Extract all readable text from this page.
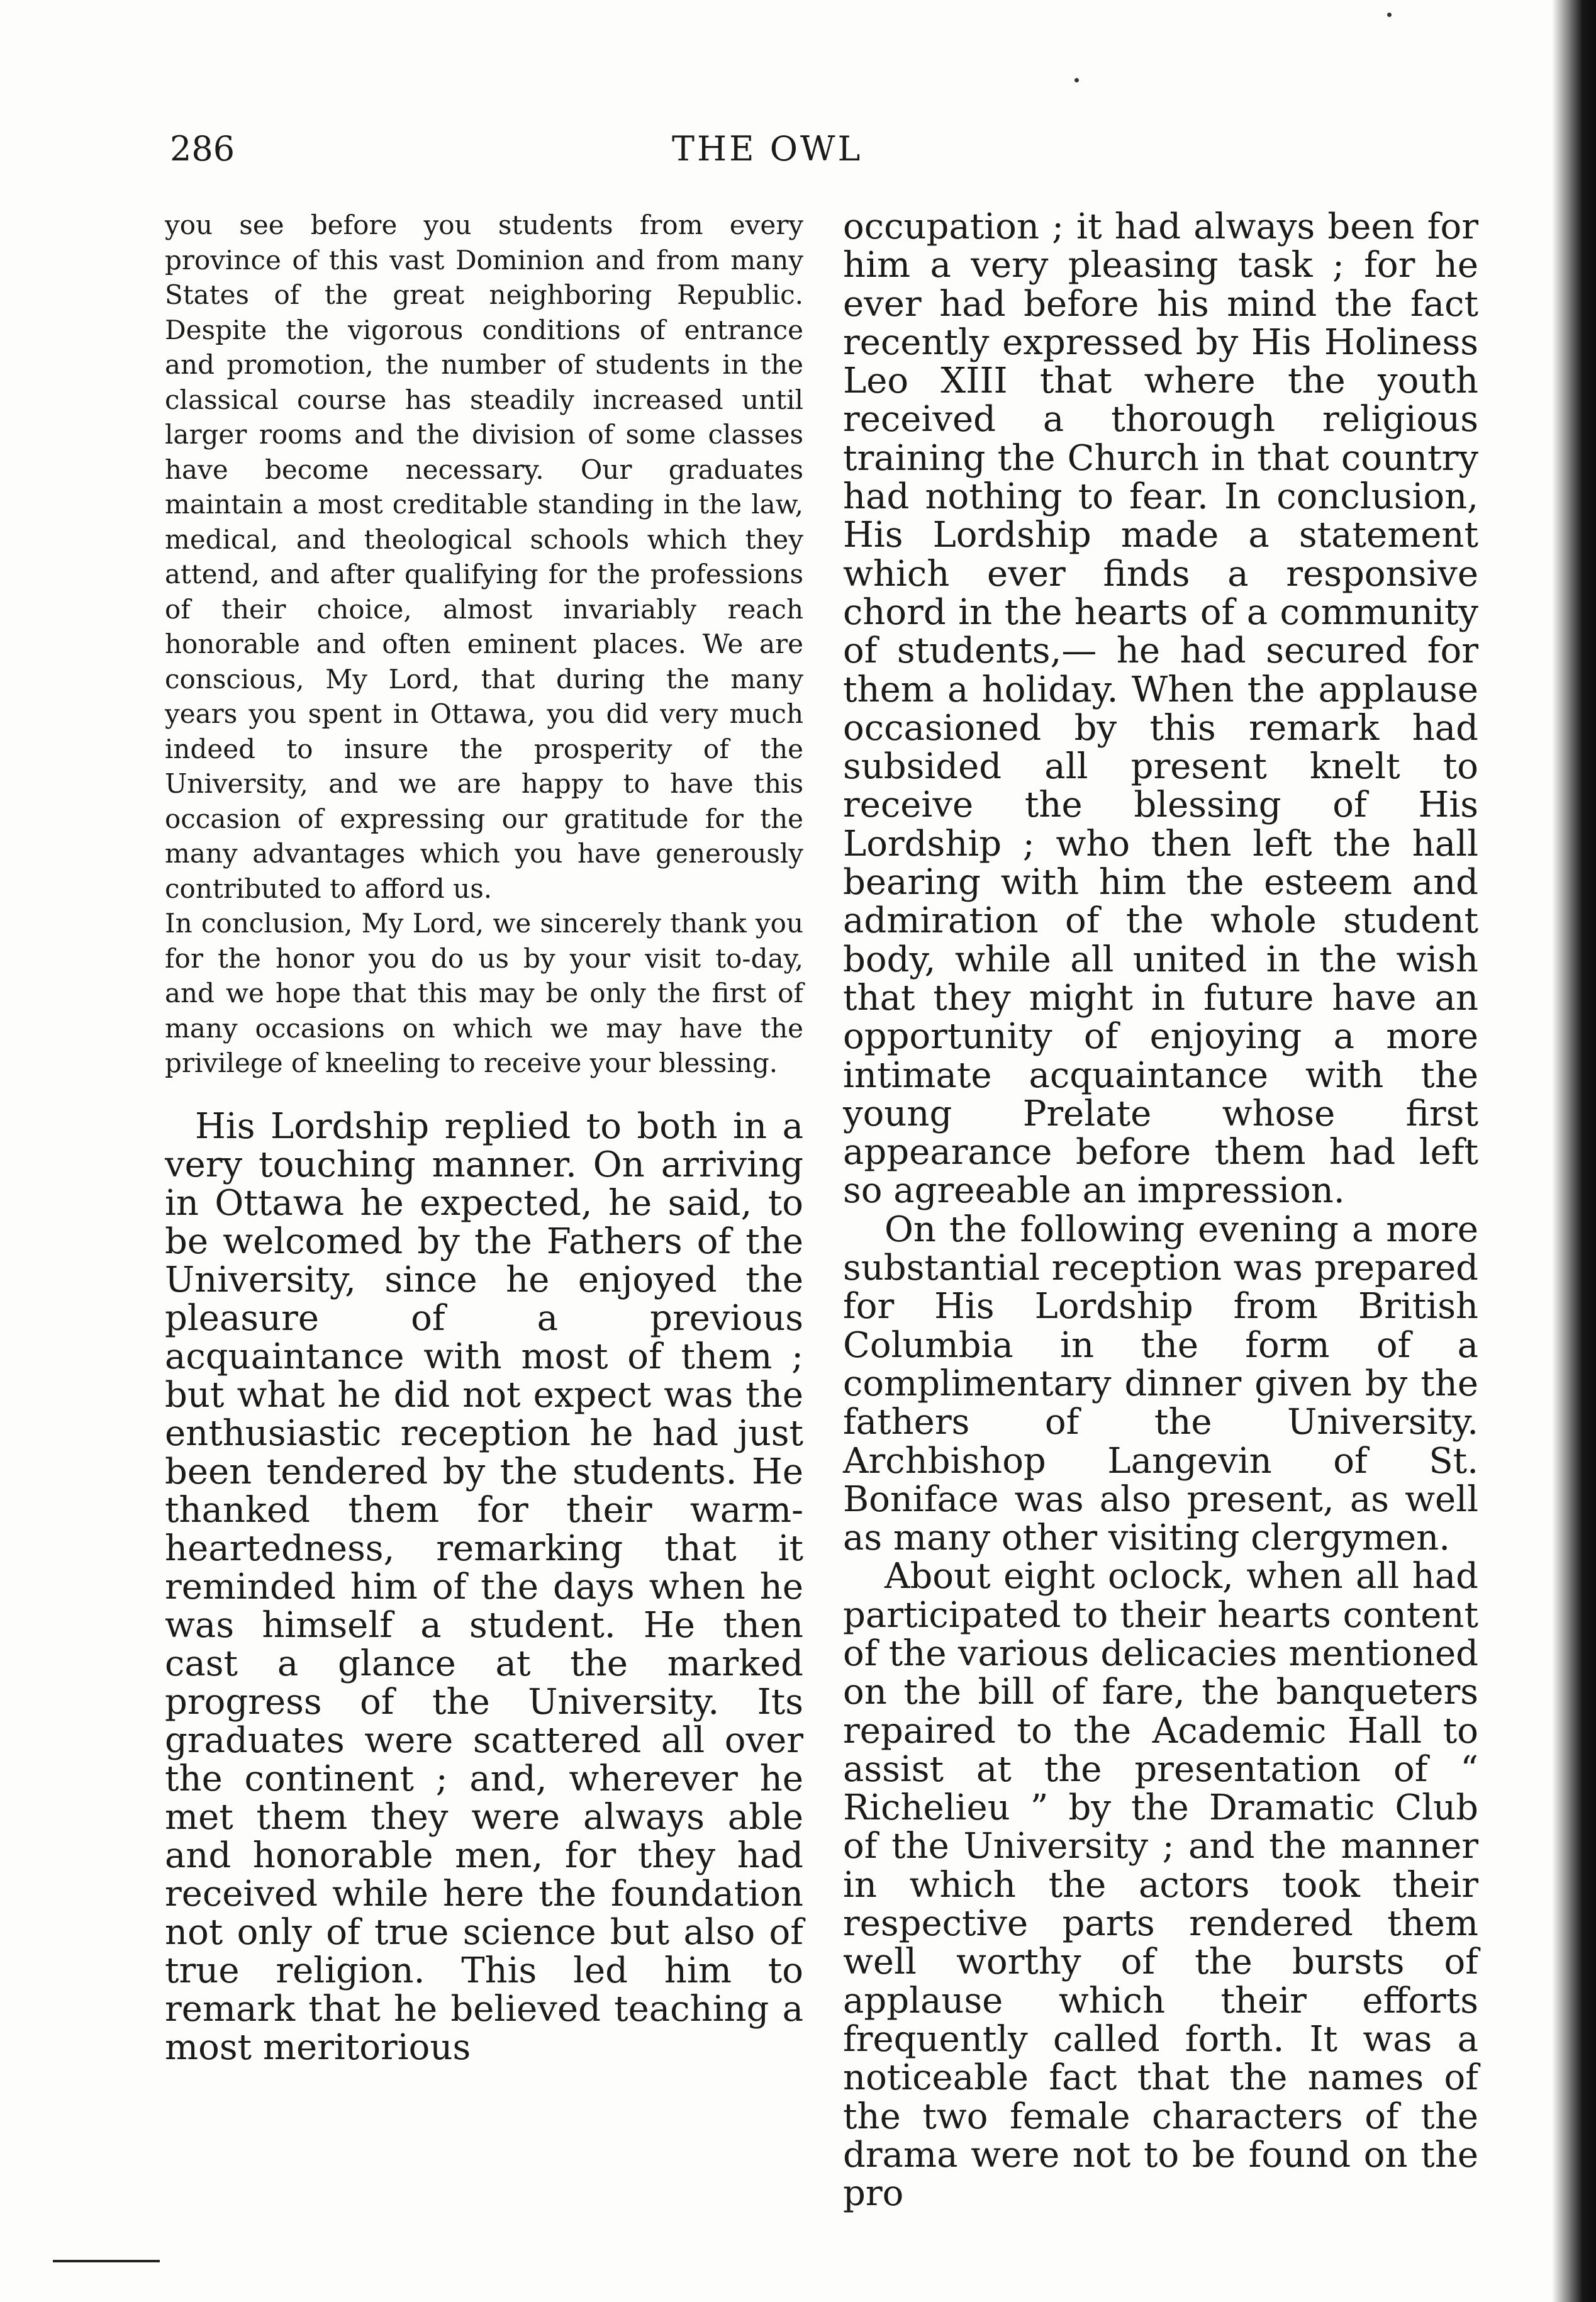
286	THE OWL

you see before you students from every province of this vast Dominion and from many States of the great neighboring Republic. Despite the vigorous conditions of entrance and promotion, the number of students in the classical course has steadily increased until larger rooms and the division of some classes have become necessary. Our graduates maintain a most creditable standing in the law, medical, and theological schools which they attend, and after qualifying for the professions of their choice, almost invariably reach honorable and often eminent places. We are conscious, My Lord, that during the many years you spent in Ottawa, you did very much indeed to insure the prosperity of the University, and we are happy to have this occasion of expressing our gratitude for the many advantages which you have generously contributed to afford us.

In conclusion, My Lord, we sincerely thank you for the honor you do us by your visit to-day, and we hope that this may be only the first of many occasions on which we may have the privilege of kneeling to receive your blessing.

His Lordship replied to both in a very touching manner. On arriving in Ottawa he expected, he said, to be welcomed by the Fathers of the University, since he enjoyed the pleasure of a previous acquaintance with most of them ; but what he did not expect was the enthusiastic reception he had just been tendered by the students. He thanked them for their warm-heartedness, remarking that it reminded him of the days when he was himself a student. He then cast a glance at the marked progress of the University. Its graduates were scattered all over the continent ; and, wherever he met them they were always able and honorable men, for they had received while here the foundation not only of true science but also of true religion. This led him to remark that he believed teaching a most meritorious

occupation ; it had always been for him a very pleasing task ; for he ever had before his mind the fact recently expressed by His Holiness Leo XIII that where the youth received a thorough religious training the Church in that country had nothing to fear. In conclusion, His Lordship made a statement which ever finds a responsive chord in the hearts of a community of students,— he had secured for them a holiday. When the applause occasioned by this remark had subsided all present knelt to receive the blessing of His Lordship ; who then left the hall bearing with him the esteem and admiration of the whole student body, while all united in the wish that they might in future have an opportunity of enjoying a more intimate acquaintance with the young Prelate whose first appearance before them had left so agreeable an impression.

On the following evening a more substantial reception was prepared for His Lordship from British Columbia in the form of a complimentary dinner given by the fathers of the University. Archbishop Langevin of St. Boniface was also present, as well as many other visiting clergymen.

About eight oclock, when all had participated to their hearts content of the various delicacies mentioned on the bill of fare, the banqueters repaired to the Academic Hall to assist at the presentation of “ Richelieu ” by the Dramatic Club of the University ; and the manner in which the actors took their respective parts rendered them well worthy of the bursts of applause which their efforts frequently called forth. It was a noticeable fact that the names of the two female characters of the drama were not to be found on the pro
